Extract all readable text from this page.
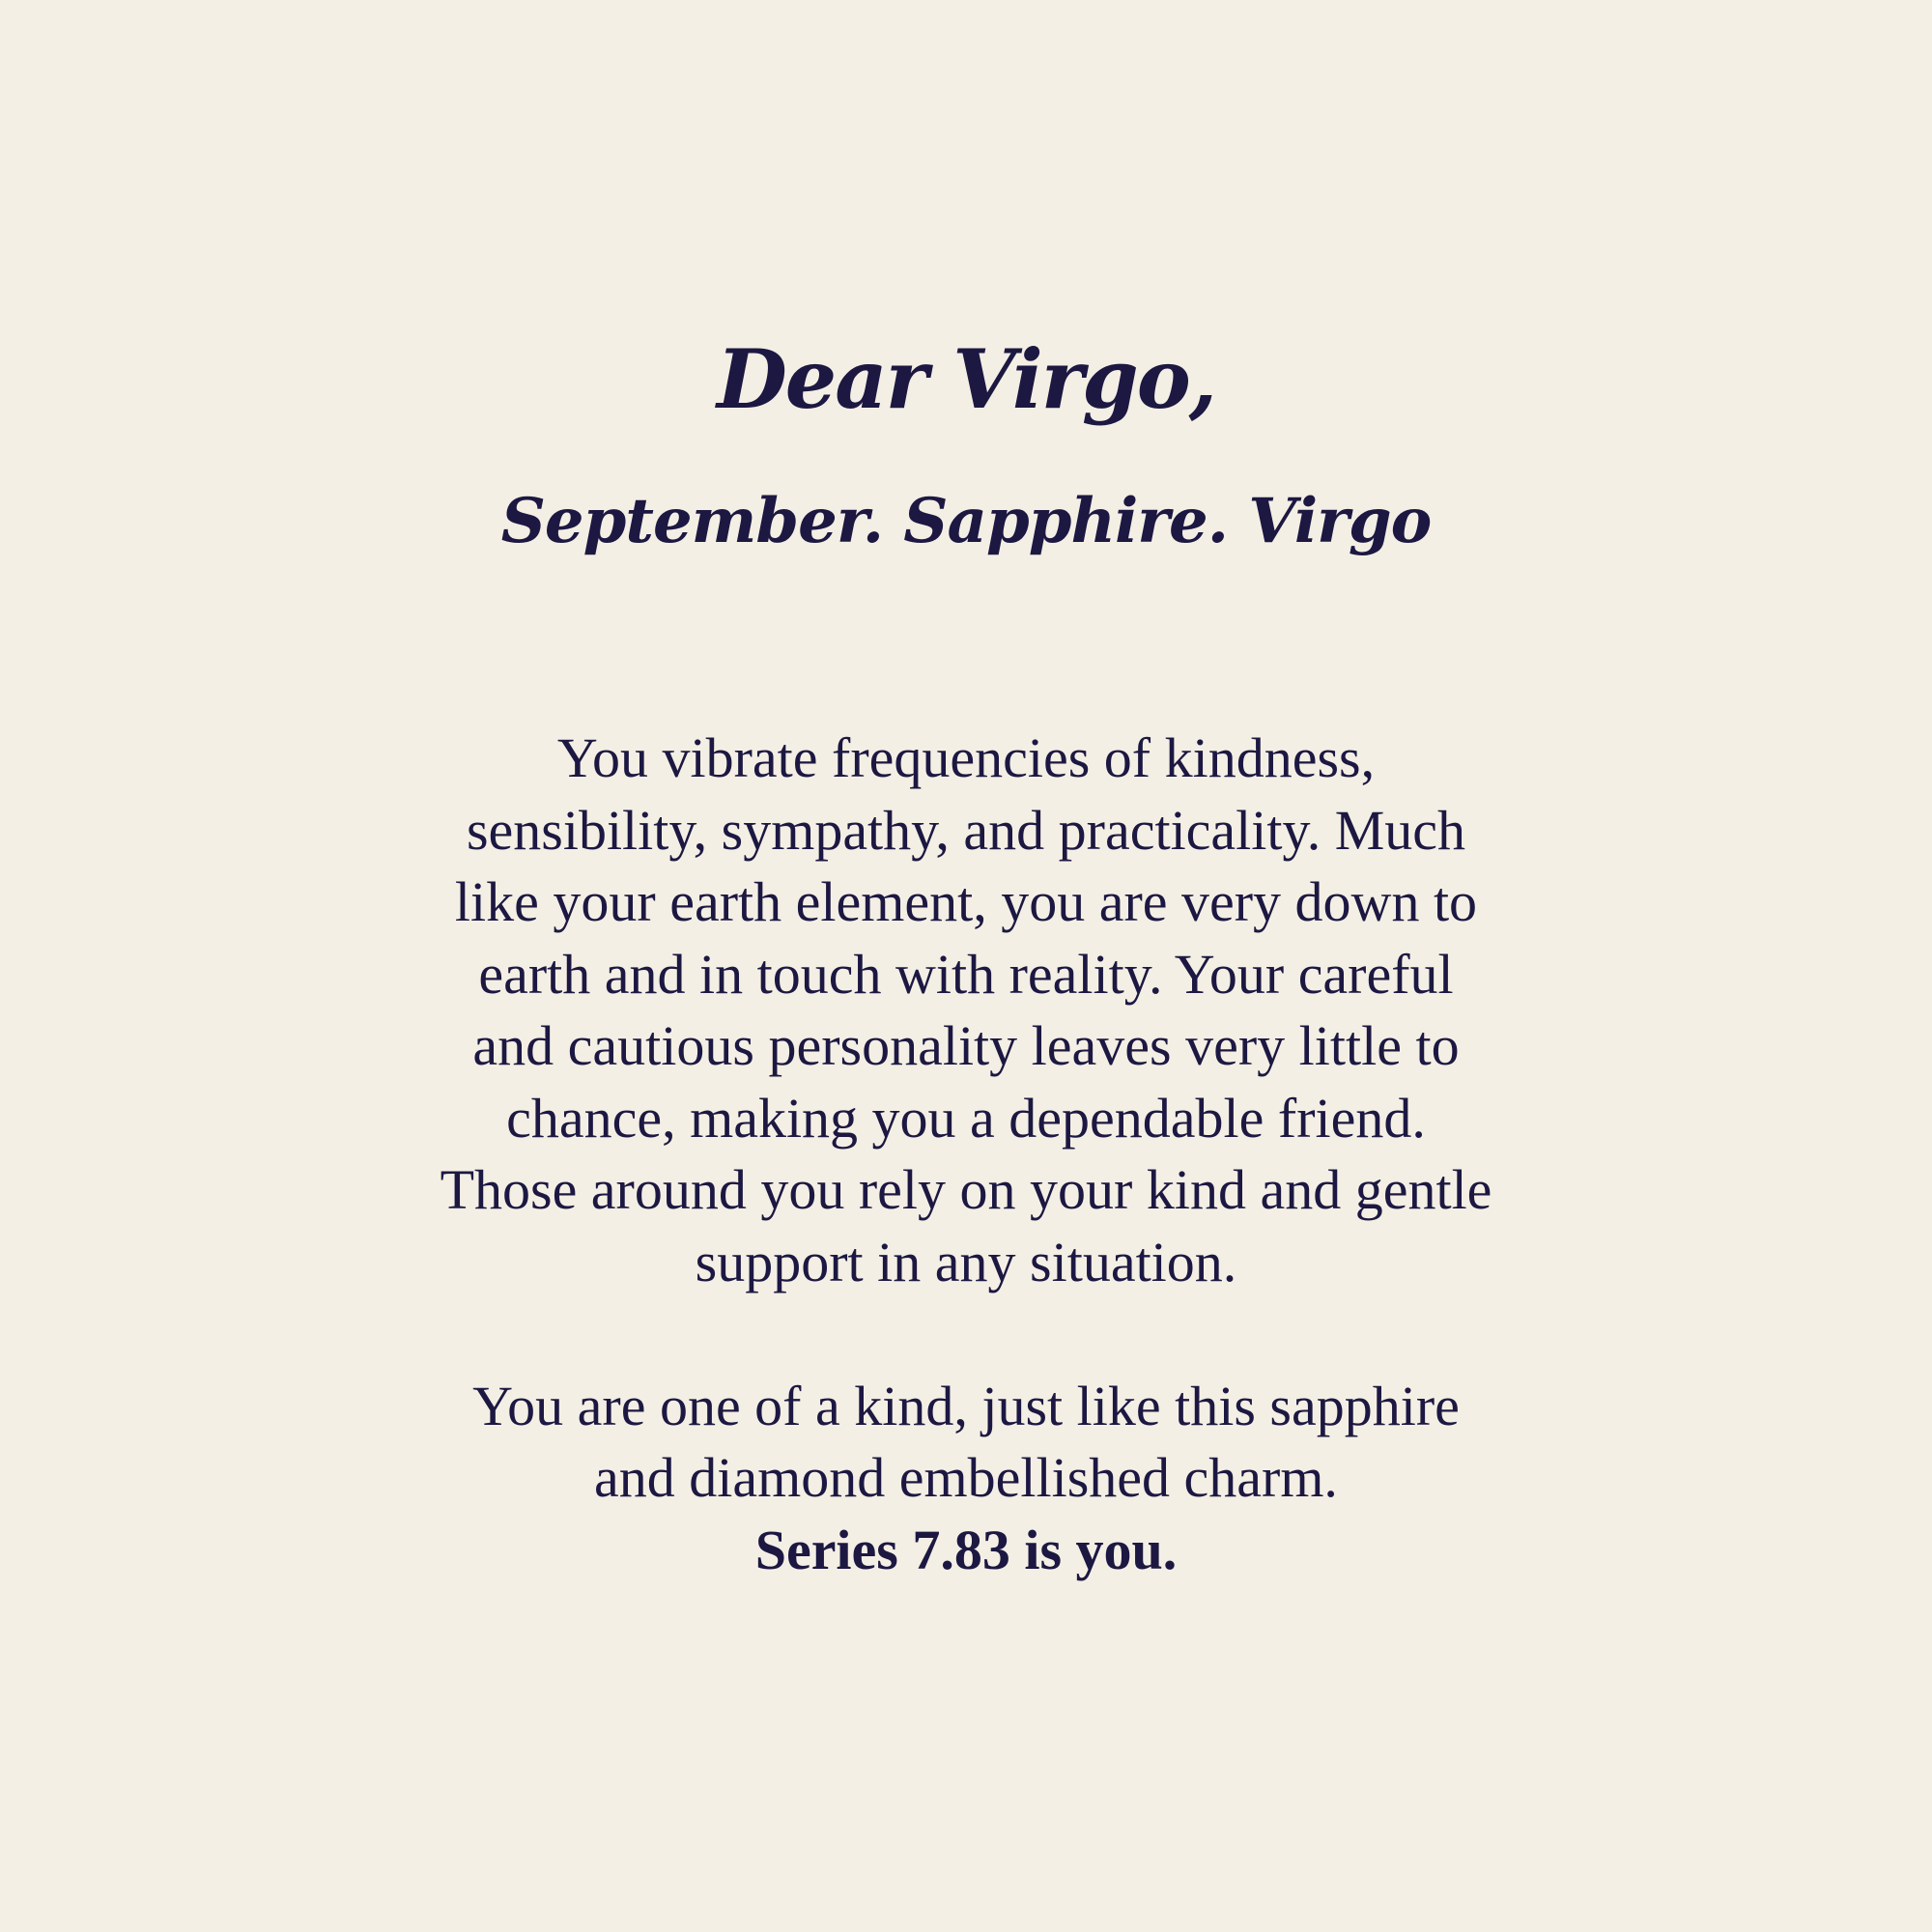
Dear Virgo,
September. Sapphire. Virgo

You vibrate frequencies of kindness,
sensibility, sympathy, and practicality. Much
like your earth element, you are very down to
earth and in touch with reality. Your careful
and cautious personality leaves very little to
chance, making you a dependable friend.
Those around you rely on your kind and gentle
support in any situation.

You are one of a kind, just like this sapphire
and diamond embellished charm.
Series 7.83 is you.
